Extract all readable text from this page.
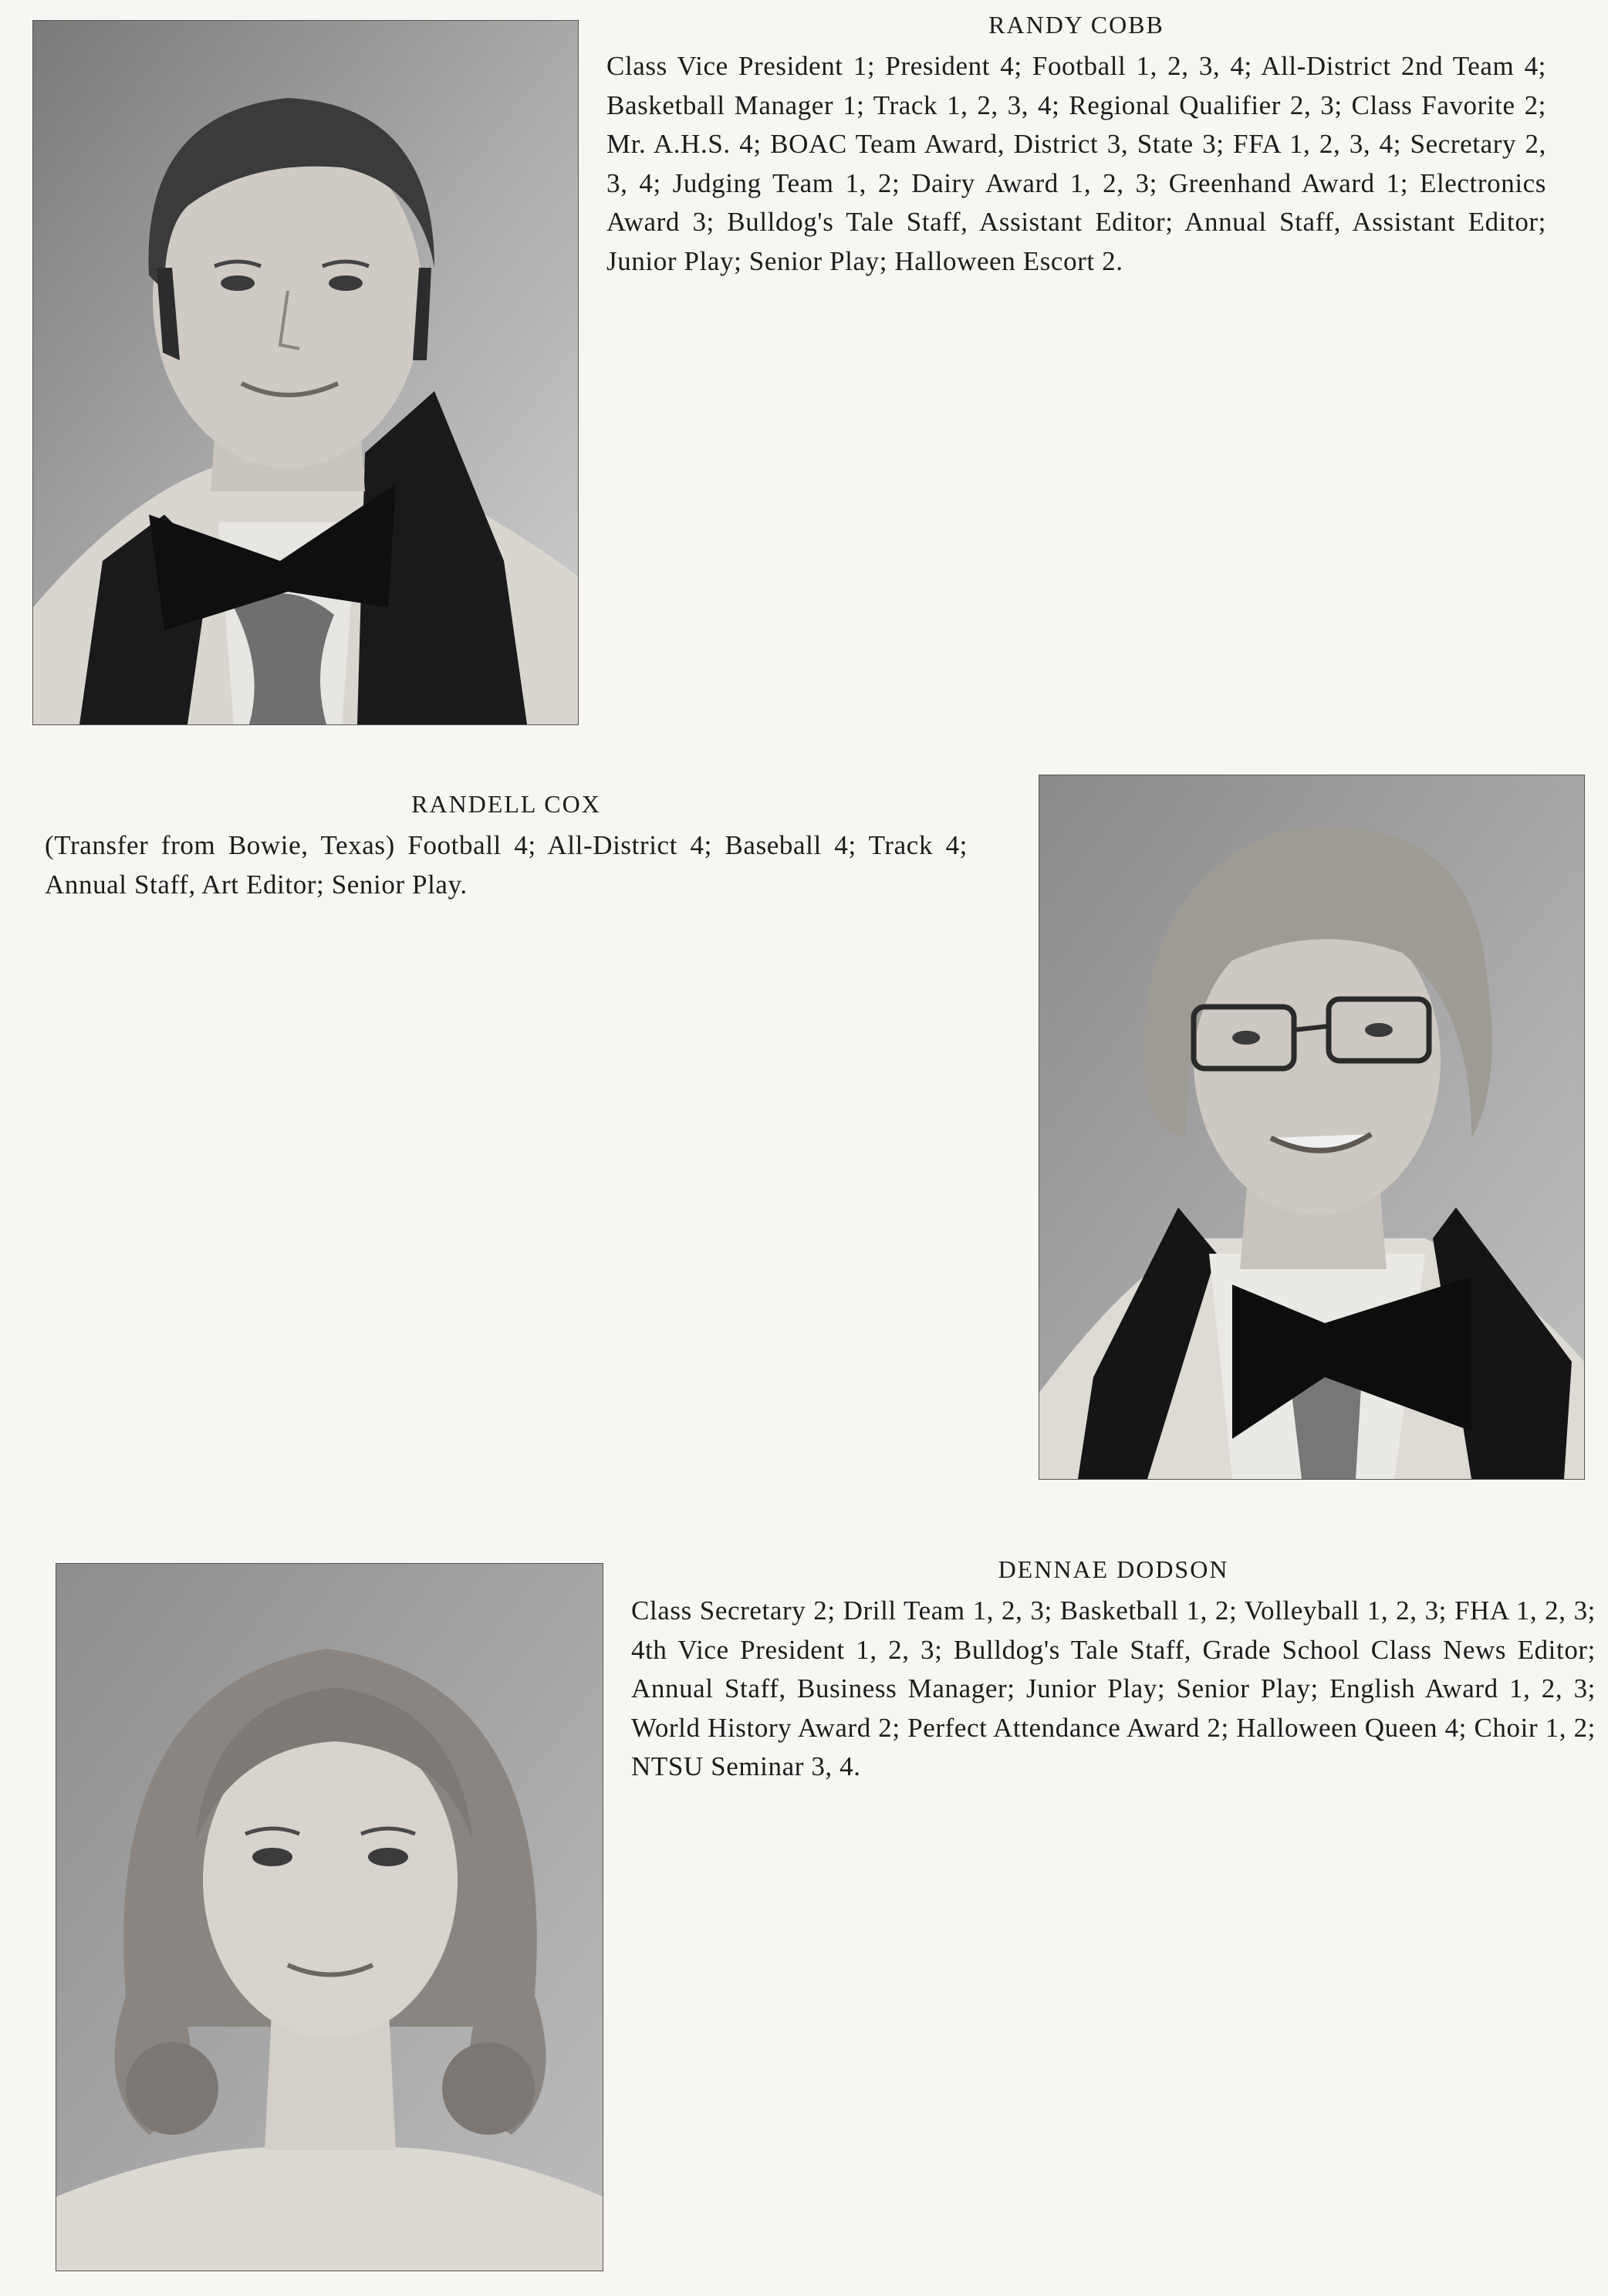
RANDY COBB

Class Vice President 1; President 4; Football 1, 2, 3, 4; All-District 2nd Team 4; Basketball Manager 1; Track 1, 2, 3, 4; Regional Qualifier 2, 3; Class Favorite 2; Mr. A.H.S. 4; BOAC Team Award, District 3, State 3; FFA 1, 2, 3, 4; Secretary 2, 3, 4; Judging Team 1, 2; Dairy Award 1, 2, 3; Greenhand Award 1; Electronics Award 3; Bulldog's Tale Staff, Assistant Editor; Annual Staff, Assistant Editor; Junior Play; Senior Play; Halloween Escort 2.

RANDELL COX

(Transfer from Bowie, Texas) Football 4; All-District 4; Baseball 4; Track 4; Annual Staff, Art Editor; Senior Play.

DENNAE DODSON

Class Secretary 2; Drill Team 1, 2, 3; Basketball 1, 2; Volleyball 1, 2, 3; FHA 1, 2, 3; 4th Vice President 1, 2, 3; Bulldog's Tale Staff, Grade School Class News Editor; Annual Staff, Business Manager; Junior Play; Senior Play; English Award 1, 2, 3; World History Award 2; Perfect Attendance Award 2; Halloween Queen 4; Choir 1, 2; NTSU Seminar 3, 4.
